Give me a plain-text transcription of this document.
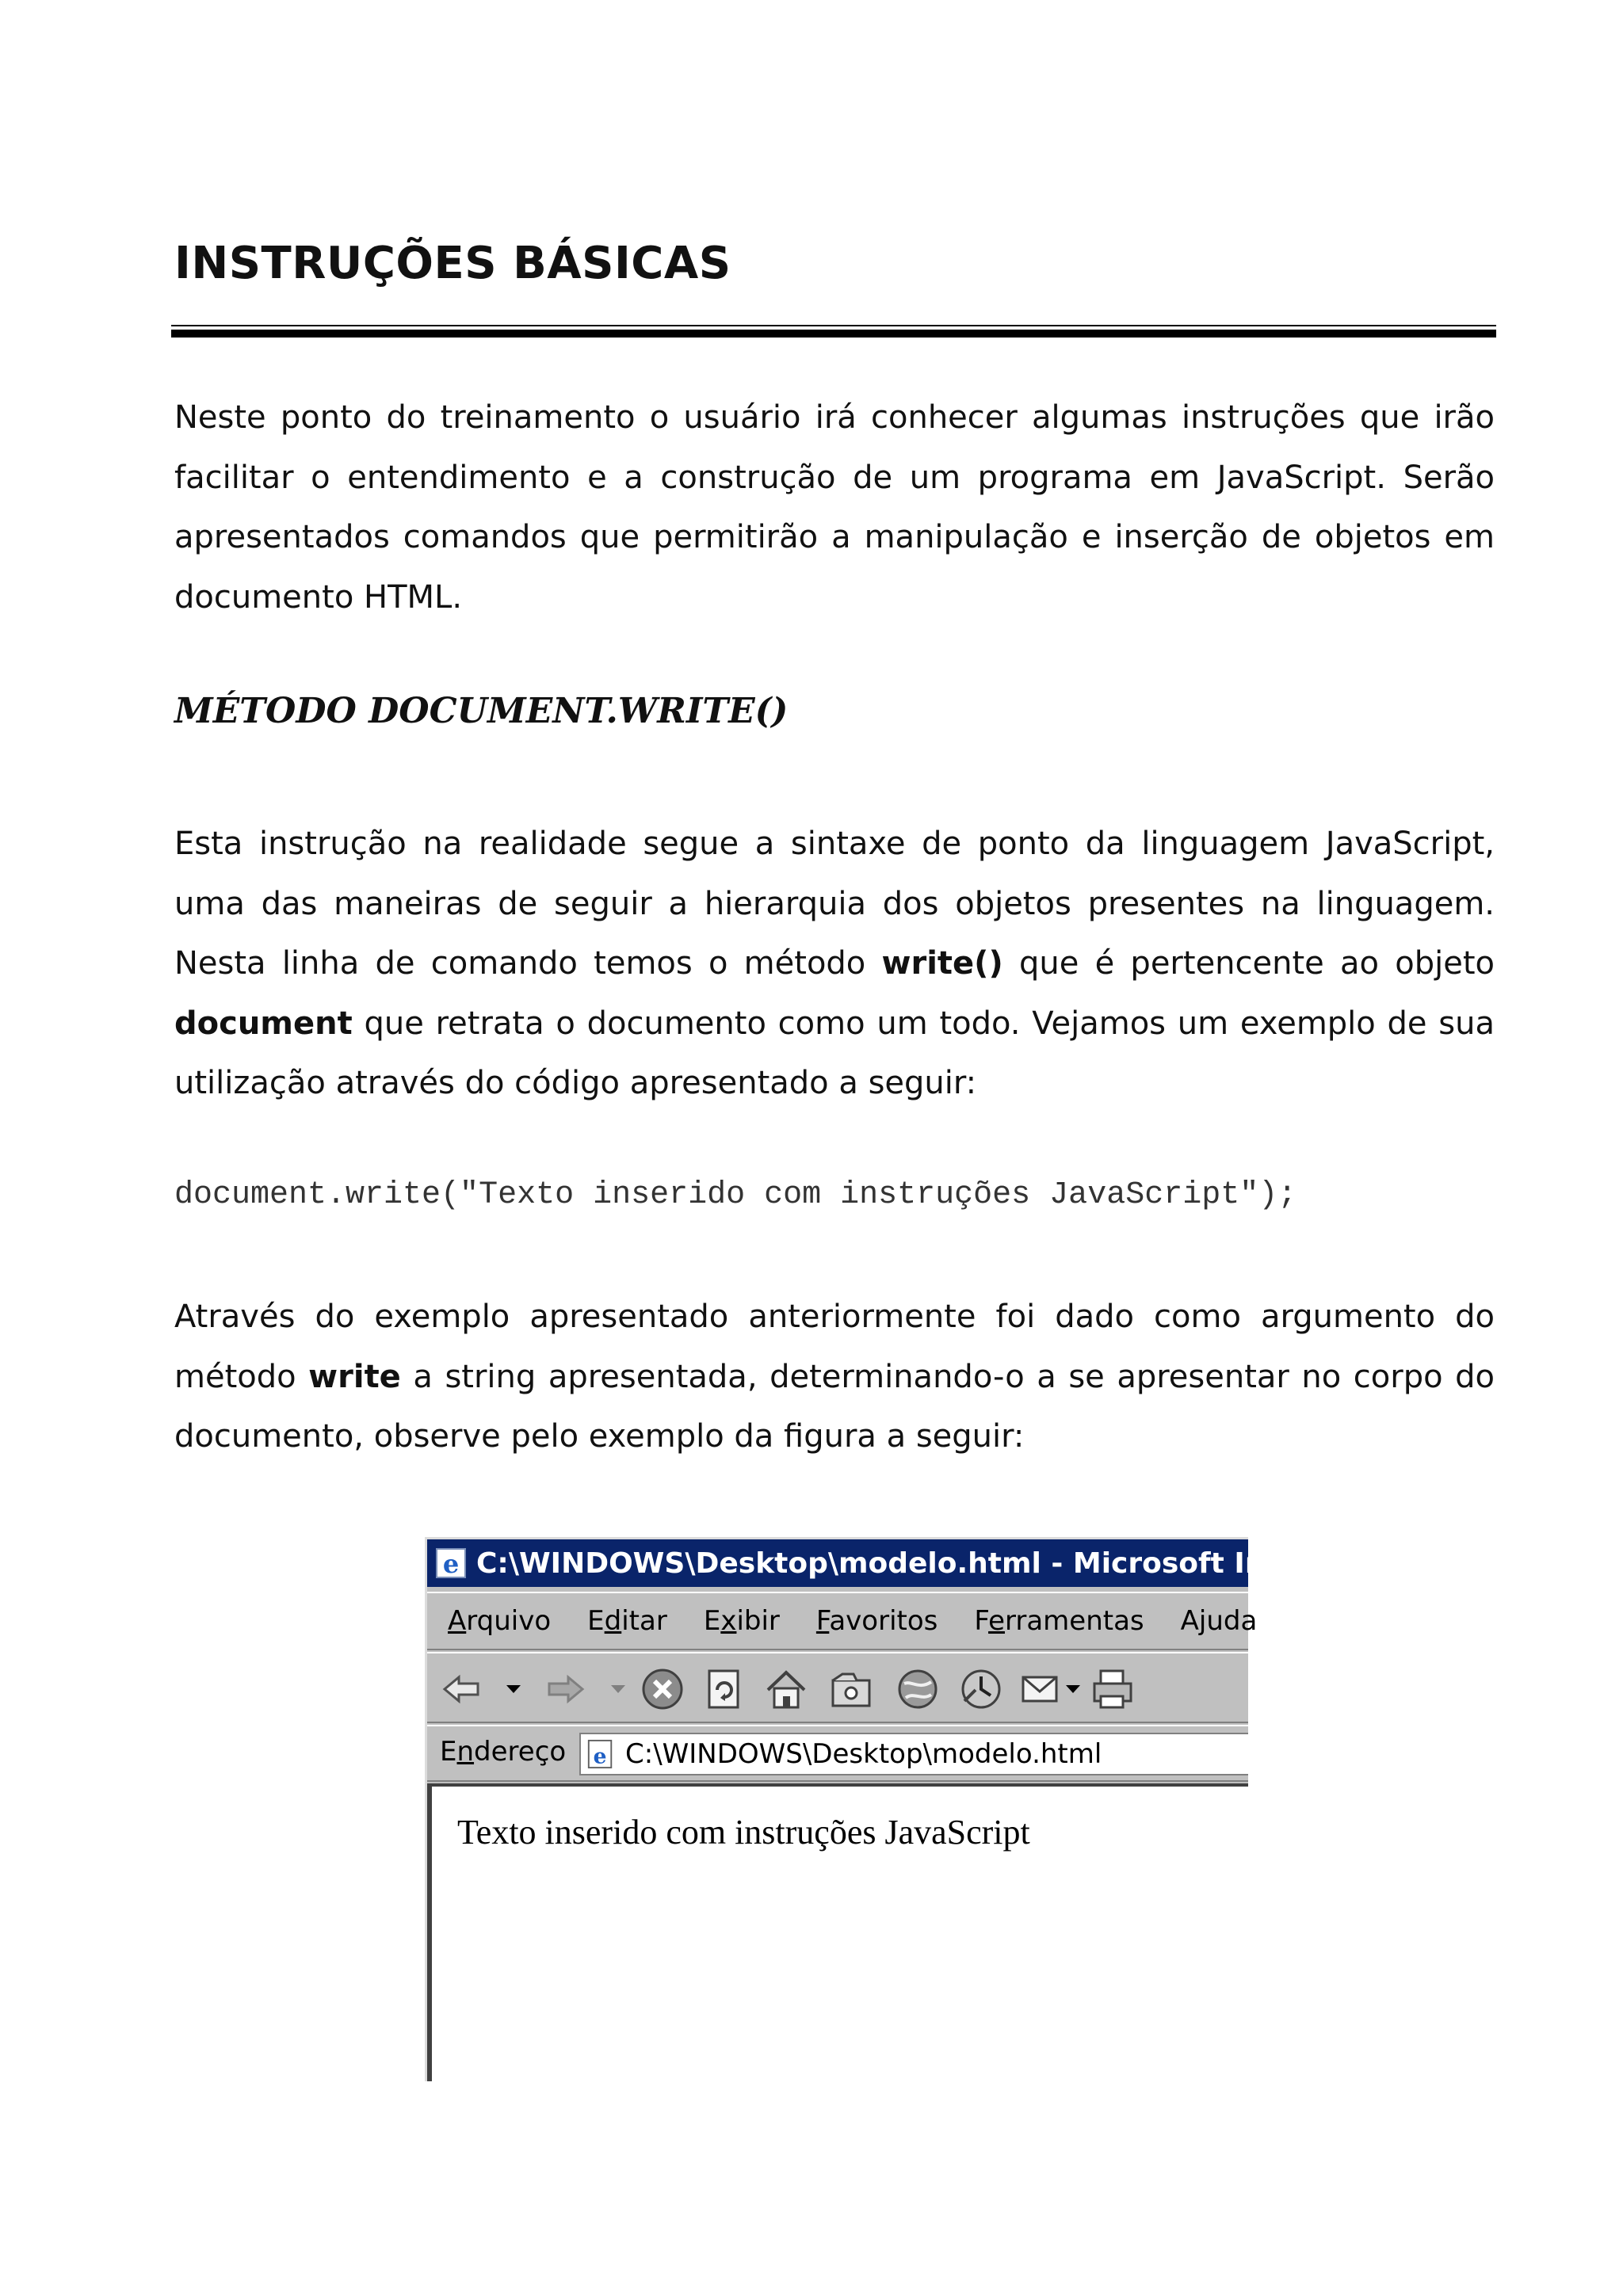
INSTRUÇÕES BÁSICAS

Neste ponto do treinamento o usuário irá conhecer algumas instruções que irão facilitar o entendimento e a construção de um programa em JavaScript. Serão apresentados comandos que permitirão a manipulação e inserção de objetos em documento HTML.

MÉTODO DOCUMENT.WRITE()

Esta instrução na realidade segue a sintaxe de ponto da linguagem JavaScript, uma das maneiras de seguir a hierarquia dos objetos presentes na linguagem. Nesta linha de comando temos o método write() que é pertencente ao objeto document que retrata o documento como um todo. Vejamos um exemplo de sua utilização através do código apresentado a seguir:

document.write("Texto inserido com instruções JavaScript");

Através do exemplo apresentado anteriormente foi dado como argumento do método write a string apresentada, determinando-o a se apresentar no corpo do documento, observe pelo exemplo da figura a seguir:

e C:\WINDOWS\Desktop\modelo.html - Microsoft Inte
Arquivo Editar Exibir Favoritos Ferramentas Ajuda
Endereço e C:\WINDOWS\Desktop\modelo.html
Texto inserido com instruções JavaScript
